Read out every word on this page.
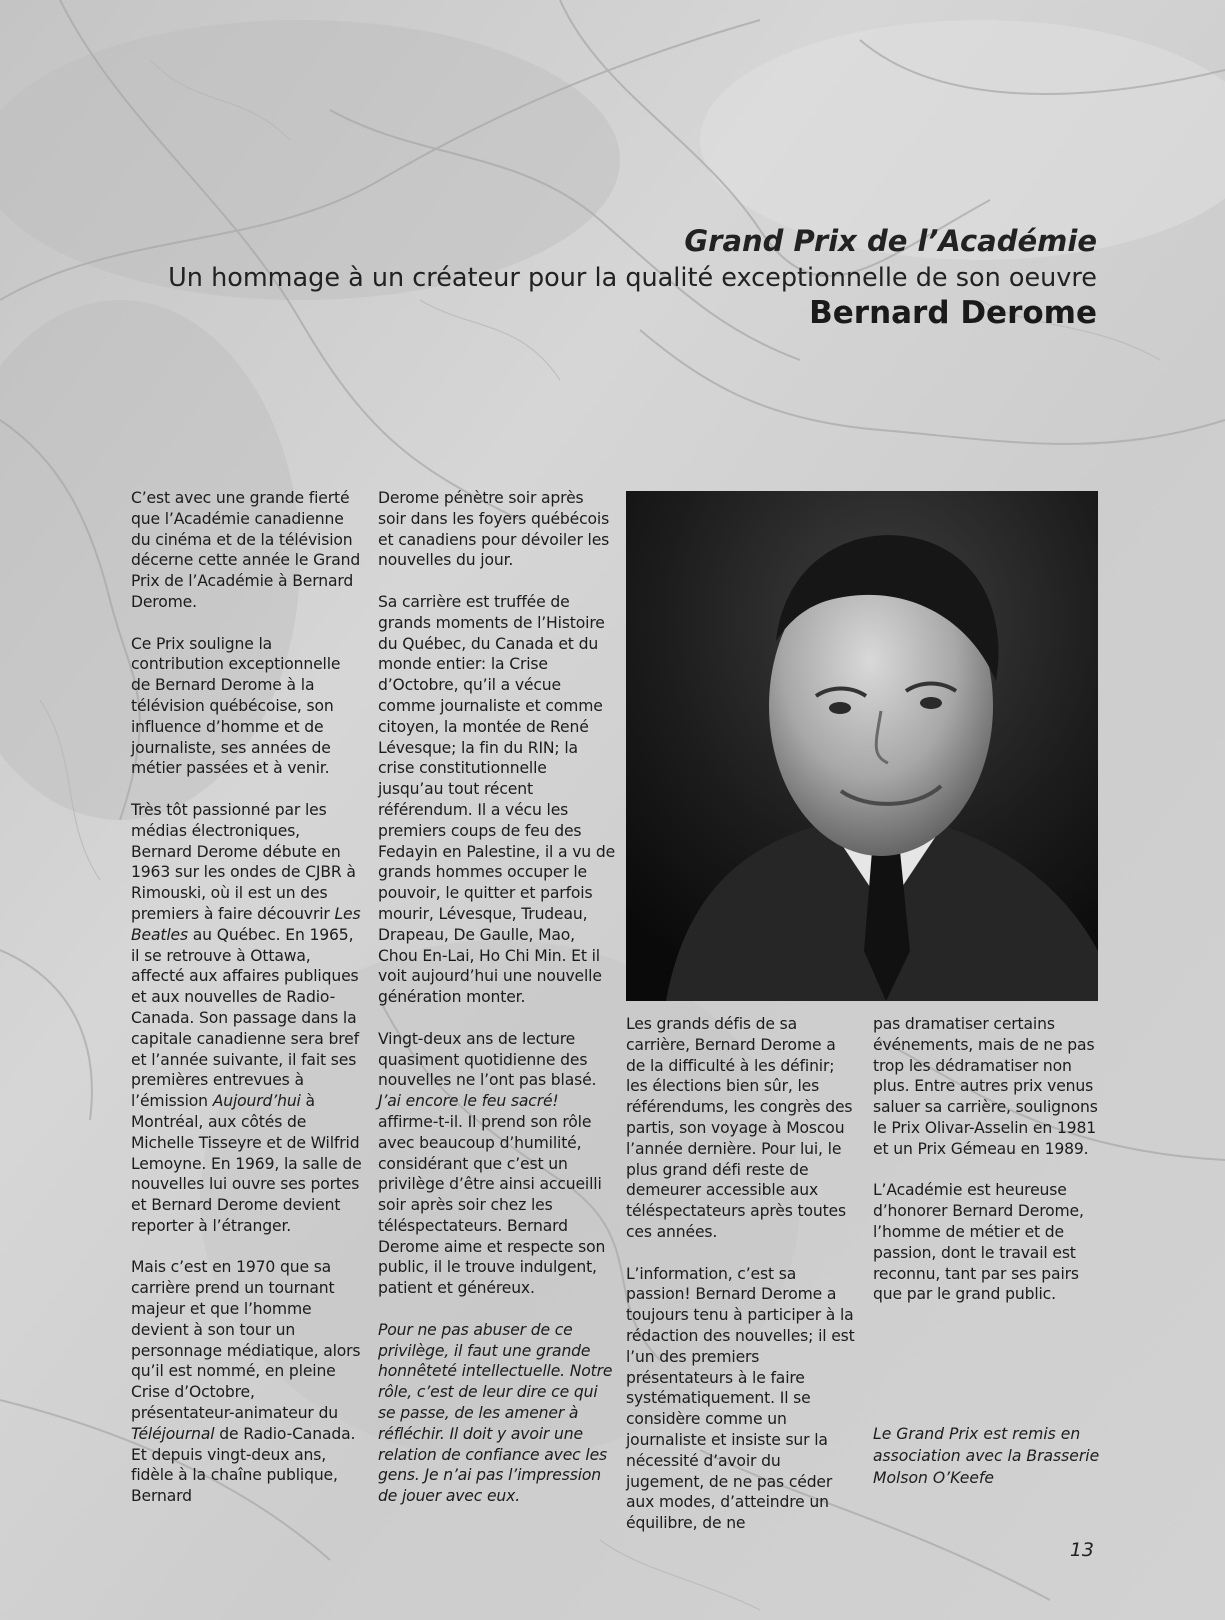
Grand Prix de l’Académie

Un hommage à un créateur pour la qualité exceptionnelle de son oeuvre

Bernard Derome

C’est avec une grande fierté que l’Académie canadienne du cinéma et de la télévision décerne cette année le Grand Prix de l’Académie à Bernard Derome.

Ce Prix souligne la contribution exceptionnelle de Bernard Derome à la télévision québécoise, son influence d’homme et de journaliste, ses années de métier passées et à venir.

Très tôt passionné par les médias électroniques, Bernard Derome débute en 1963 sur les ondes de CJBR à Rimouski, où il est un des premiers à faire découvrir Les Beatles au Québec. En 1965, il se retrouve à Ottawa, affecté aux affaires publiques et aux nouvelles de Radio-Canada. Son passage dans la capitale canadienne sera bref et l’année suivante, il fait ses premières entrevues à l’émission Aujourd’hui à Montréal, aux côtés de Michelle Tisseyre et de Wilfrid Lemoyne. En 1969, la salle de nouvelles lui ouvre ses portes et Bernard Derome devient reporter à l’étranger.

Mais c’est en 1970 que sa carrière prend un tournant majeur et que l’homme devient à son tour un personnage médiatique, alors qu’il est nommé, en pleine Crise d’Octobre, présentateur-animateur du Téléjournal de Radio-Canada. Et depuis vingt-deux ans, fidèle à la chaîne publique, Bernard

Derome pénètre soir après soir dans les foyers québécois et canadiens pour dévoiler les nouvelles du jour.

Sa carrière est truffée de grands moments de l’Histoire du Québec, du Canada et du monde entier: la Crise d’Octobre, qu’il a vécue comme journaliste et comme citoyen, la montée de René Lévesque; la fin du RIN; la crise constitutionnelle jusqu’au tout récent référendum. Il a vécu les premiers coups de feu des Fedayin en Palestine, il a vu de grands hommes occuper le pouvoir, le quitter et parfois mourir, Lévesque, Trudeau, Drapeau, De Gaulle, Mao, Chou En-Lai, Ho Chi Min. Et il voit aujourd’hui une nouvelle génération monter.

Vingt-deux ans de lecture quasiment quotidienne des nouvelles ne l’ont pas blasé. J’ai encore le feu sacré! affirme-t-il. Il prend son rôle avec beaucoup d’humilité, considérant que c’est un privilège d’être ainsi accueilli soir après soir chez les téléspectateurs. Bernard Derome aime et respecte son public, il le trouve indulgent, patient et généreux.

Pour ne pas abuser de ce privilège, il faut une grande honnêteté intellectuelle. Notre rôle, c’est de leur dire ce qui se passe, de les amener à réfléchir. Il doit y avoir une relation de confiance avec les gens. Je n’ai pas l’impression de jouer avec eux.

Les grands défis de sa carrière, Bernard Derome a de la difficulté à les définir; les élections bien sûr, les référendums, les congrès des partis, son voyage à Moscou l’année dernière. Pour lui, le plus grand défi reste de demeurer accessible aux téléspectateurs après toutes ces années.

L’information, c’est sa passion! Bernard Derome a toujours tenu à participer à la rédaction des nouvelles; il est l’un des premiers présentateurs à le faire systématiquement. Il se considère comme un journaliste et insiste sur la nécessité d’avoir du jugement, de ne pas céder aux modes, d’atteindre un équilibre, de ne

pas dramatiser certains événements, mais de ne pas trop les dédramatiser non plus. Entre autres prix venus saluer sa carrière, soulignons le Prix Olivar-Asselin en 1981 et un Prix Gémeau en 1989.

L’Académie est heureuse d’honorer Bernard Derome, l’homme de métier et de passion, dont le travail est reconnu, tant par ses pairs que par le grand public.

Le Grand Prix est remis en association avec la Brasserie Molson O’Keefe
13
